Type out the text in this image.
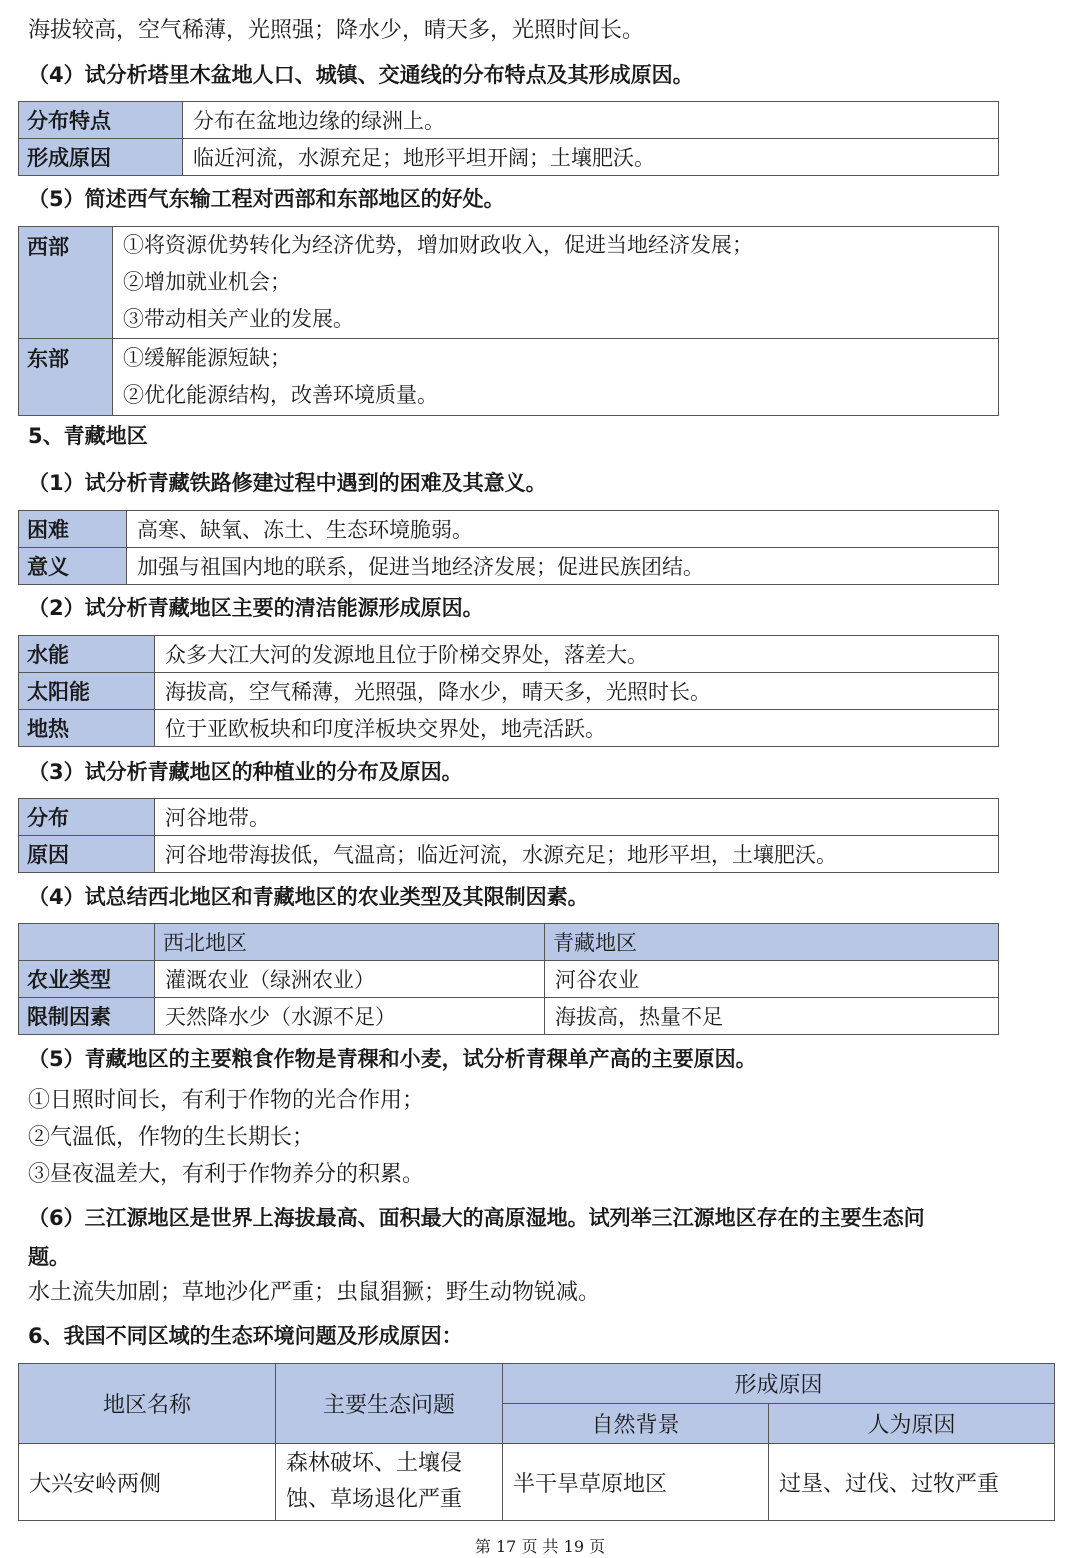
海拔较高，空气稀薄，光照强；降水少，晴天多，光照时间长。
（4）试分析塔里木盆地人口、城镇、交通线的分布特点及其形成原因。
分布特点	分布在盆地边缘的绿洲上。
形成原因	临近河流，水源充足；地形平坦开阔；土壤肥沃。
（5）简述西气东输工程对西部和东部地区的好处。
西部	①将资源优势转化为经济优势，增加财政收入，促进当地经济发展；
②增加就业机会；
③带动相关产业的发展。

东部	①缓解能源短缺；
②优化能源结构，改善环境质量。
5、青藏地区
（1）试分析青藏铁路修建过程中遇到的困难及其意义。
困难	高寒、缺氧、冻土、生态环境脆弱。
意义	加强与祖国内地的联系，促进当地经济发展；促进民族团结。
（2）试分析青藏地区主要的清洁能源形成原因。
水能	众多大江大河的发源地且位于阶梯交界处，落差大。
太阳能	海拔高，空气稀薄，光照强，降水少，晴天多，光照时长。
地热	位于亚欧板块和印度洋板块交界处，地壳活跃。
（3）试分析青藏地区的种植业的分布及原因。
分布	河谷地带。
原因	河谷地带海拔低，气温高；临近河流，水源充足；地形平坦，土壤肥沃。
（4）试总结西北地区和青藏地区的农业类型及其限制因素。
	西北地区	青藏地区
农业类型	灌溉农业（绿洲农业）	河谷农业
限制因素	天然降水少（水源不足）	海拔高，热量不足
（5）青藏地区的主要粮食作物是青稞和小麦，试分析青稞单产高的主要原因。
①日照时间长，有利于作物的光合作用；
②气温低，作物的生长期长；
③昼夜温差大，有利于作物养分的积累。
（6）三江源地区是世界上海拔最高、面积最大的高原湿地。试列举三江源地区存在的主要生态问
题。
水土流失加剧；草地沙化严重；虫鼠猖獗；野生动物锐减。
6、我国不同区域的生态环境问题及形成原因：
地区名称	主要生态问题	形成原因	
		自然背景	人为原因
大兴安岭两侧	森林破坏、土壤侵
蚀、草场退化严重	半干旱草原地区	过垦、过伐、过牧严重
第 17 页 共 19 页
